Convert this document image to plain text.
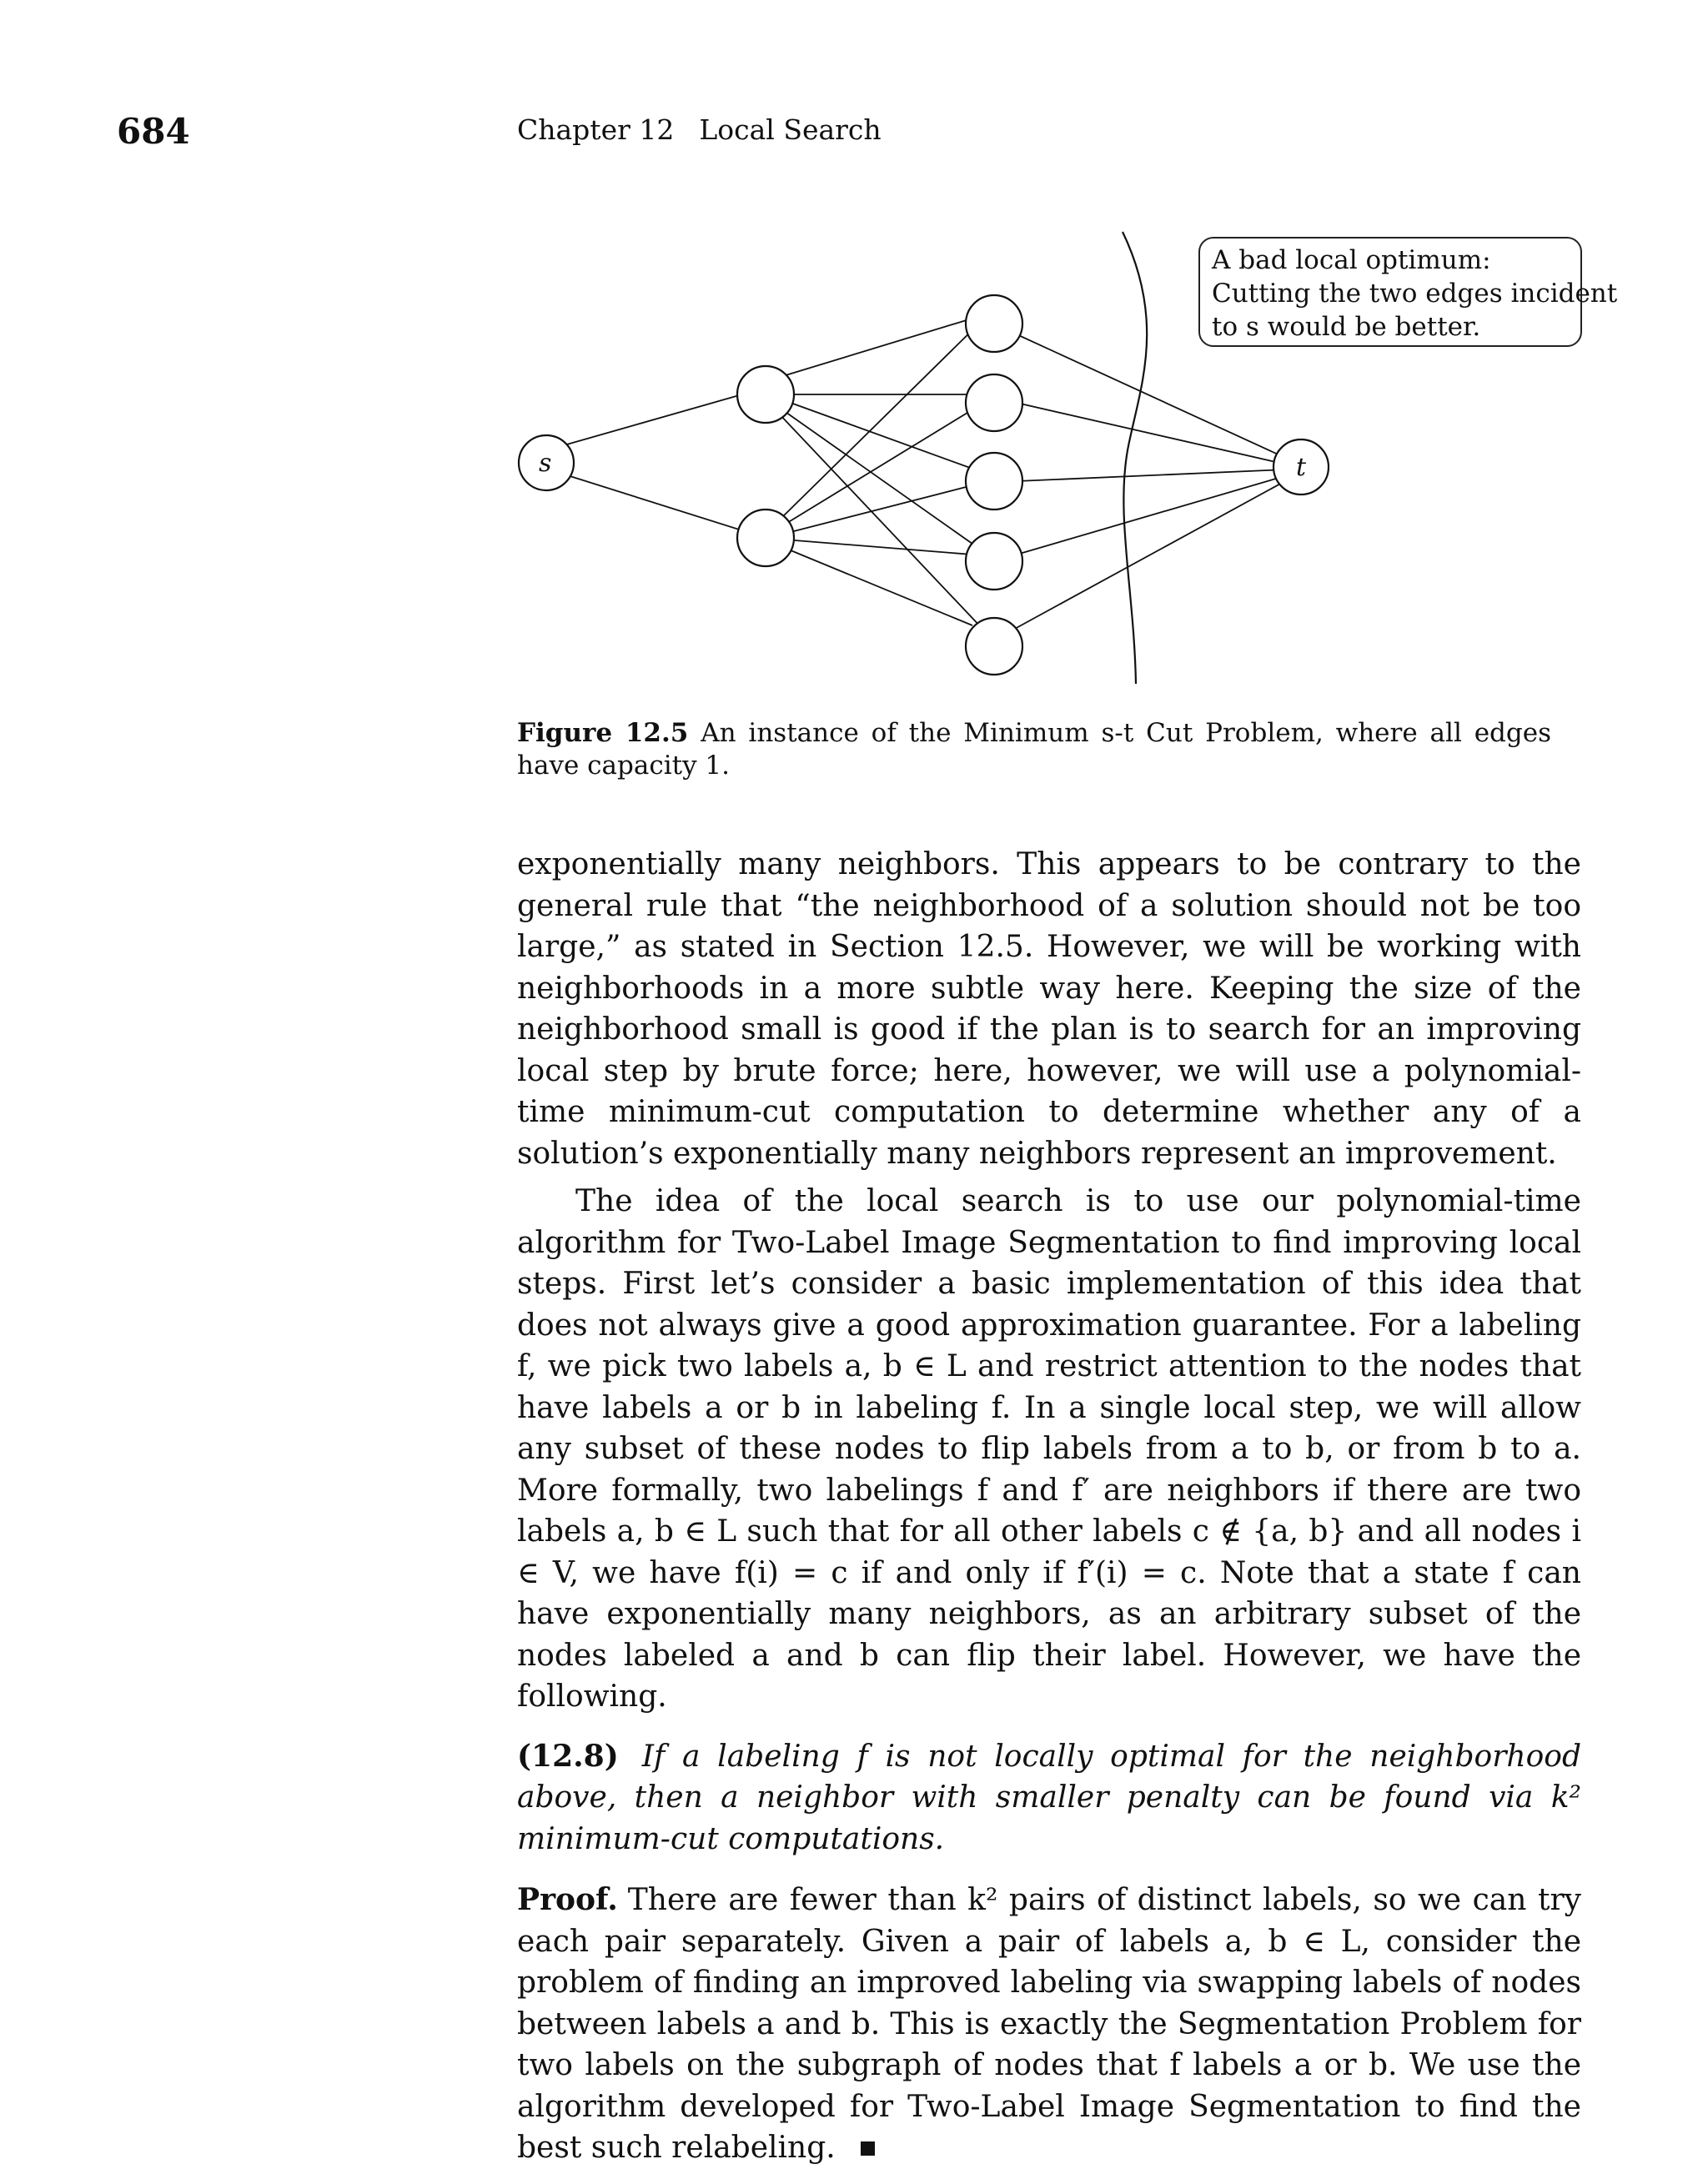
684	Chapter 12 Local Search
s	t
A bad local optimum:
Cutting the two edges incident
to s would be better.
Figure 12.5 An instance of the Minimum s-t Cut Problem, where all edges have capacity 1.

exponentially many neighbors. This appears to be contrary to the general rule that “the neighborhood of a solution should not be too large,” as stated in Section 12.5. However, we will be working with neighborhoods in a more subtle way here. Keeping the size of the neighborhood small is good if the plan is to search for an improving local step by brute force; here, however, we will use a polynomial-time minimum-cut computation to determine whether any of a solution’s exponentially many neighbors represent an improvement.

The idea of the local search is to use our polynomial-time algorithm for Two-Label Image Segmentation to find improving local steps. First let’s consider a basic implementation of this idea that does not always give a good approximation guarantee. For a labeling f, we pick two labels a, b ∈ L and restrict attention to the nodes that have labels a or b in labeling f. In a single local step, we will allow any subset of these nodes to flip labels from a to b, or from b to a. More formally, two labelings f and f′ are neighbors if there are two labels a, b ∈ L such that for all other labels c ∉ {a, b} and all nodes i ∈ V, we have f(i) = c if and only if f′(i) = c. Note that a state f can have exponentially many neighbors, as an arbitrary subset of the nodes labeled a and b can flip their label. However, we have the following.

(12.8) If a labeling f is not locally optimal for the neighborhood above, then a neighbor with smaller penalty can be found via k² minimum-cut computations.

Proof. There are fewer than k² pairs of distinct labels, so we can try each pair separately. Given a pair of labels a, b ∈ L, consider the problem of finding an improved labeling via swapping labels of nodes between labels a and b. This is exactly the Segmentation Problem for two labels on the subgraph of nodes that f labels a or b. We use the algorithm developed for Two-Label Image Segmentation to find the best such relabeling.
